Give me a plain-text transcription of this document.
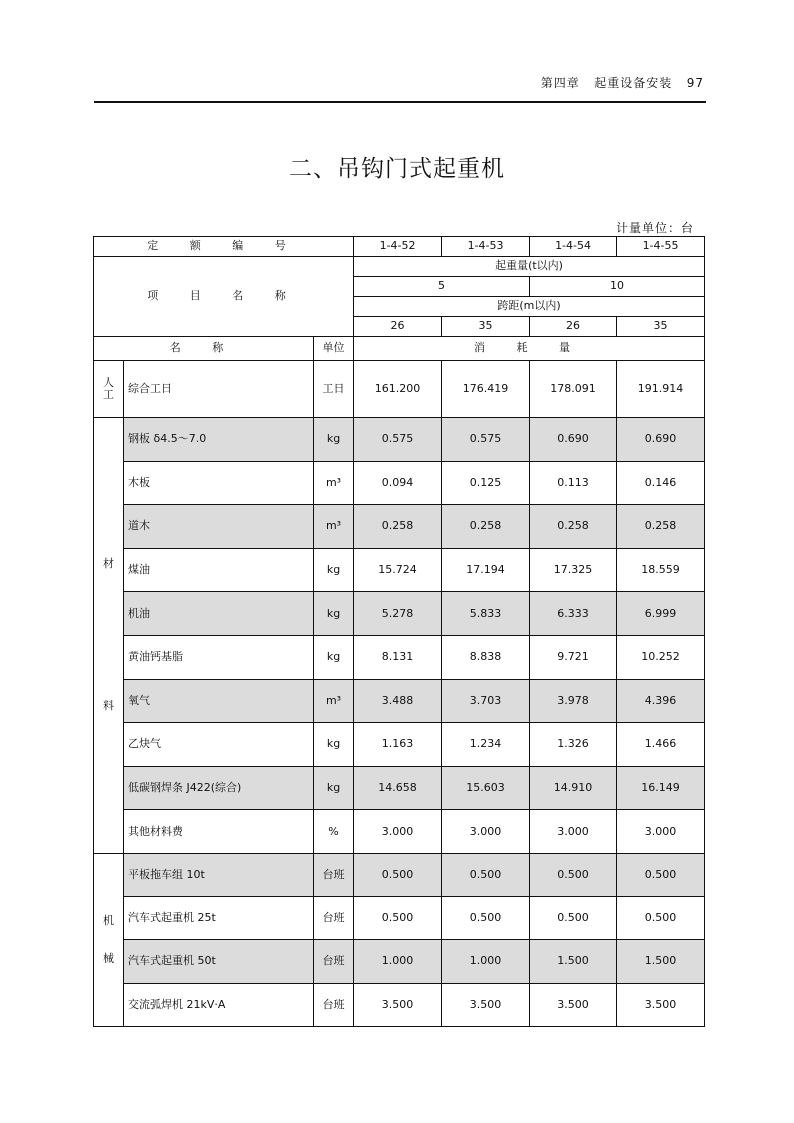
第四章 起重设备安装 97
二、吊钩门式起重机
计量单位：台
定 额 编 号			1-4-52	1-4-53	1-4-54	1-4-55
项 目 名 称			起重量(t以内)			
			5		10	
			跨距(m以内)			
			26	35	26	35
名 称		单位	消 耗 量			
人
工	综合工日	工日	161.200	176.419	178.091	191.914

材
料	钢板 δ4.5～7.0	kg	0.575	0.575	0.690	0.690
	木板	m³	0.094	0.125	0.113	0.146
	道木	m³	0.258	0.258	0.258	0.258
	煤油	kg	15.724	17.194	17.325	18.559
	机油	kg	5.278	5.833	6.333	6.999
	黄油钙基脂	kg	8.131	8.838	9.721	10.252
	氧气	m³	3.488	3.703	3.978	4.396
	乙炔气	kg	1.163	1.234	1.326	1.466
	低碳钢焊条 J422(综合)	kg	14.658	15.603	14.910	16.149
	其他材料费	%	3.000	3.000	3.000	3.000

机
械	平板拖车组 10t	台班	0.500	0.500	0.500	0.500
	汽车式起重机 25t	台班	0.500	0.500	0.500	0.500
	汽车式起重机 50t	台班	1.000	1.000	1.500	1.500
	交流弧焊机 21kV·A	台班	3.500	3.500	3.500	3.500
